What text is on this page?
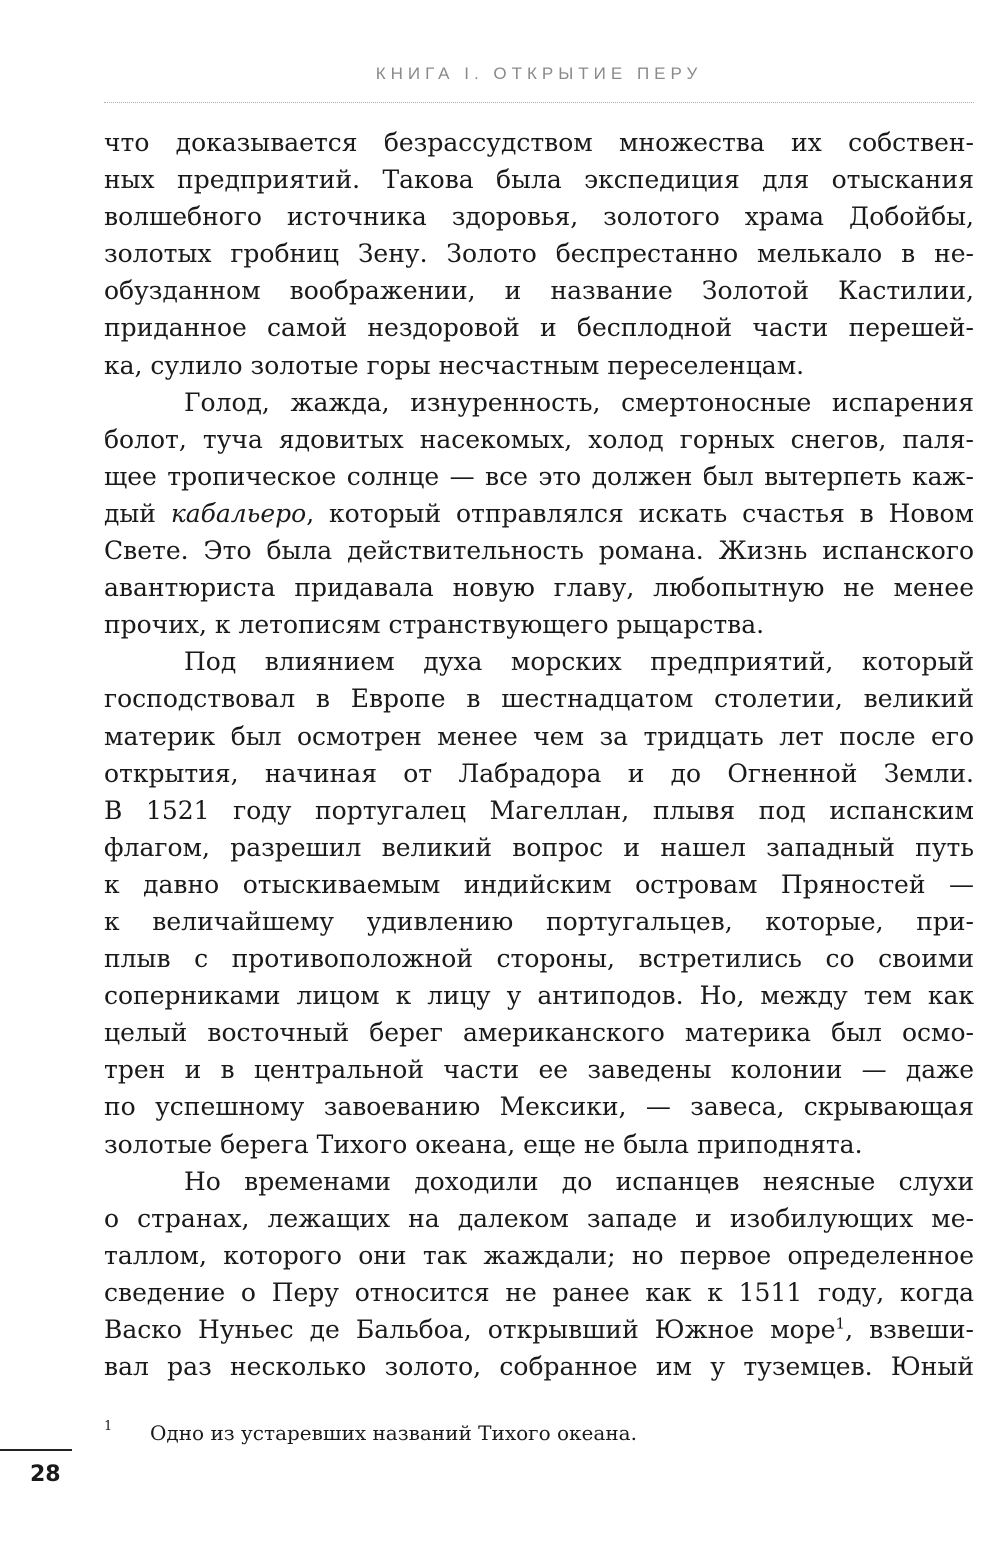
КНИГА I. ОТКРЫТИЕ ПЕРУ
что доказывается безрассудством множества их собствен-
ных предприятий. Такова была экспедиция для отыскания
волшебного источника здоровья, золотого храма Добойбы,
золотых гробниц Зену. Золото беспрестанно мелькало в не-
обузданном воображении, и название Золотой Кастилии,
приданное самой нездоровой и бесплодной части перешей-
ка, сулило золотые горы несчастным переселенцам.
Голод, жажда, изнуренность, смертоносные испарения
болот, туча ядовитых насекомых, холод горных снегов, паля-
щее тропическое солнце — все это должен был вытерпеть каж-
дый кабальеро, который отправлялся искать счастья в Новом
Свете. Это была действительность романа. Жизнь испанского
авантюриста придавала новую главу, любопытную не менее
прочих, к летописям странствующего рыцарства.
Под влиянием духа морских предприятий, который
господствовал в Европе в шестнадцатом столетии, великий
материк был осмотрен менее чем за тридцать лет после его
открытия, начиная от Лабрадора и до Огненной Земли.
В 1521 году португалец Магеллан, плывя под испанским
флагом, разрешил великий вопрос и нашел западный путь
к давно отыскиваемым индийским островам Пряностей —
к величайшему удивлению португальцев, которые, при-
плыв с противоположной стороны, встретились со своими
соперниками лицом к лицу у антиподов. Но, между тем как
целый восточный берег американского материка был осмо-
трен и в центральной части ее заведены колонии — даже
по успешному завоеванию Мексики, — завеса, скрывающая
золотые берега Тихого океана, еще не была приподнята.
Но временами доходили до испанцев неясные слухи
о странах, лежащих на далеком западе и изобилующих ме-
таллом, которого они так жаждали; но первое определенное
сведение о Перу относится не ранее как к 1511 году, когда
Васко Нуньес де Бальбоа, открывший Южное море$^1$, взвеши-
вал раз несколько золото, собранное им у туземцев. Юный
1 Одно из устаревших названий Тихого океана.
28
